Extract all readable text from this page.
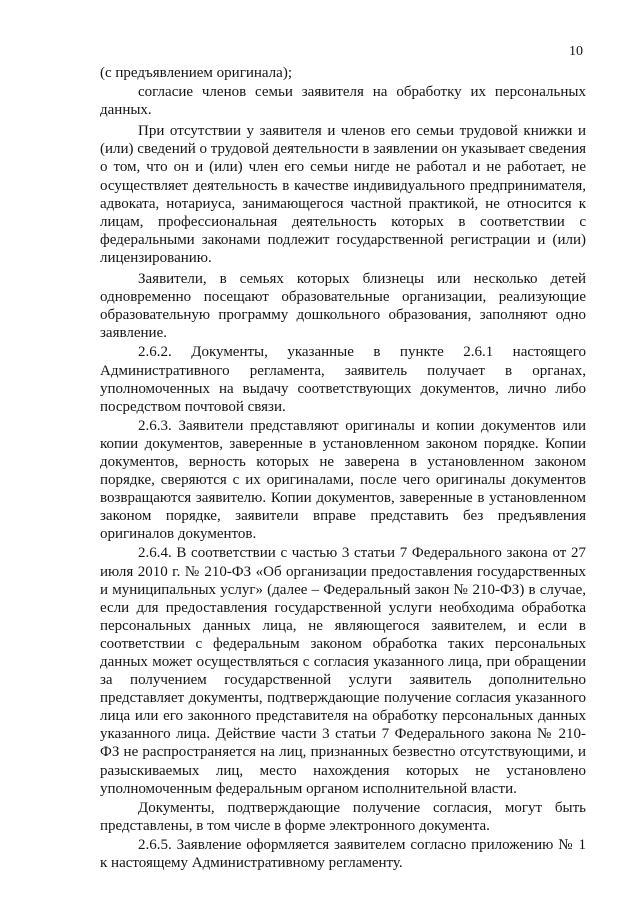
10

(с предъявлением оригинала);

согласие членов семьи заявителя на обработку их персональных данных.

При отсутствии у заявителя и членов его семьи трудовой книжки и (или) сведений о трудовой деятельности в заявлении он указывает сведения о том, что он и (или) член его семьи нигде не работал и не работает, не осуществляет деятельность в качестве индивидуального предпринимателя, адвоката, нотариуса, занимающегося частной практикой, не относится к лицам, профессиональная деятельность которых в соответствии с федеральными законами подлежит государственной регистрации и (или) лицензированию.

Заявители, в семьях которых близнецы или несколько детей одновременно посещают образовательные организации, реализующие образовательную программу дошкольного образования, заполняют одно заявление.

2.6.2. Документы, указанные в пункте 2.6.1 настоящего Административного регламента, заявитель получает в органах, уполномоченных на выдачу соответствующих документов, лично либо посредством почтовой связи.

2.6.3. Заявители представляют оригиналы и копии документов или копии документов, заверенные в установленном законом порядке. Копии документов, верность которых не заверена в установленном законом порядке, сверяются с их оригиналами, после чего оригиналы документов возвращаются заявителю. Копии документов, заверенные в установленном законом порядке, заявители вправе представить без предъявления оригиналов документов.

2.6.4. В соответствии с частью 3 статьи 7 Федерального закона от 27 июля 2010 г. № 210-ФЗ «Об организации предоставления государственных и муниципальных услуг» (далее – Федеральный закон № 210-ФЗ) в случае, если для предоставления государственной услуги необходима обработка персональных данных лица, не являющегося заявителем, и если в соответствии с федеральным законом обработка таких персональных данных может осуществляться с согласия указанного лица, при обращении за получением государственной услуги заявитель дополнительно представляет документы, подтверждающие получение согласия указанного лица или его законного представителя на обработку персональных данных указанного лица. Действие части 3 статьи 7 Федерального закона № 210-ФЗ не распространяется на лиц, признанных безвестно отсутствующими, и разыскиваемых лиц, место нахождения которых не установлено уполномоченным федеральным органом исполнительной власти.

Документы, подтверждающие получение согласия, могут быть представлены, в том числе в форме электронного документа.

2.6.5. Заявление оформляется заявителем согласно приложению № 1 к настоящему Административному регламенту.
